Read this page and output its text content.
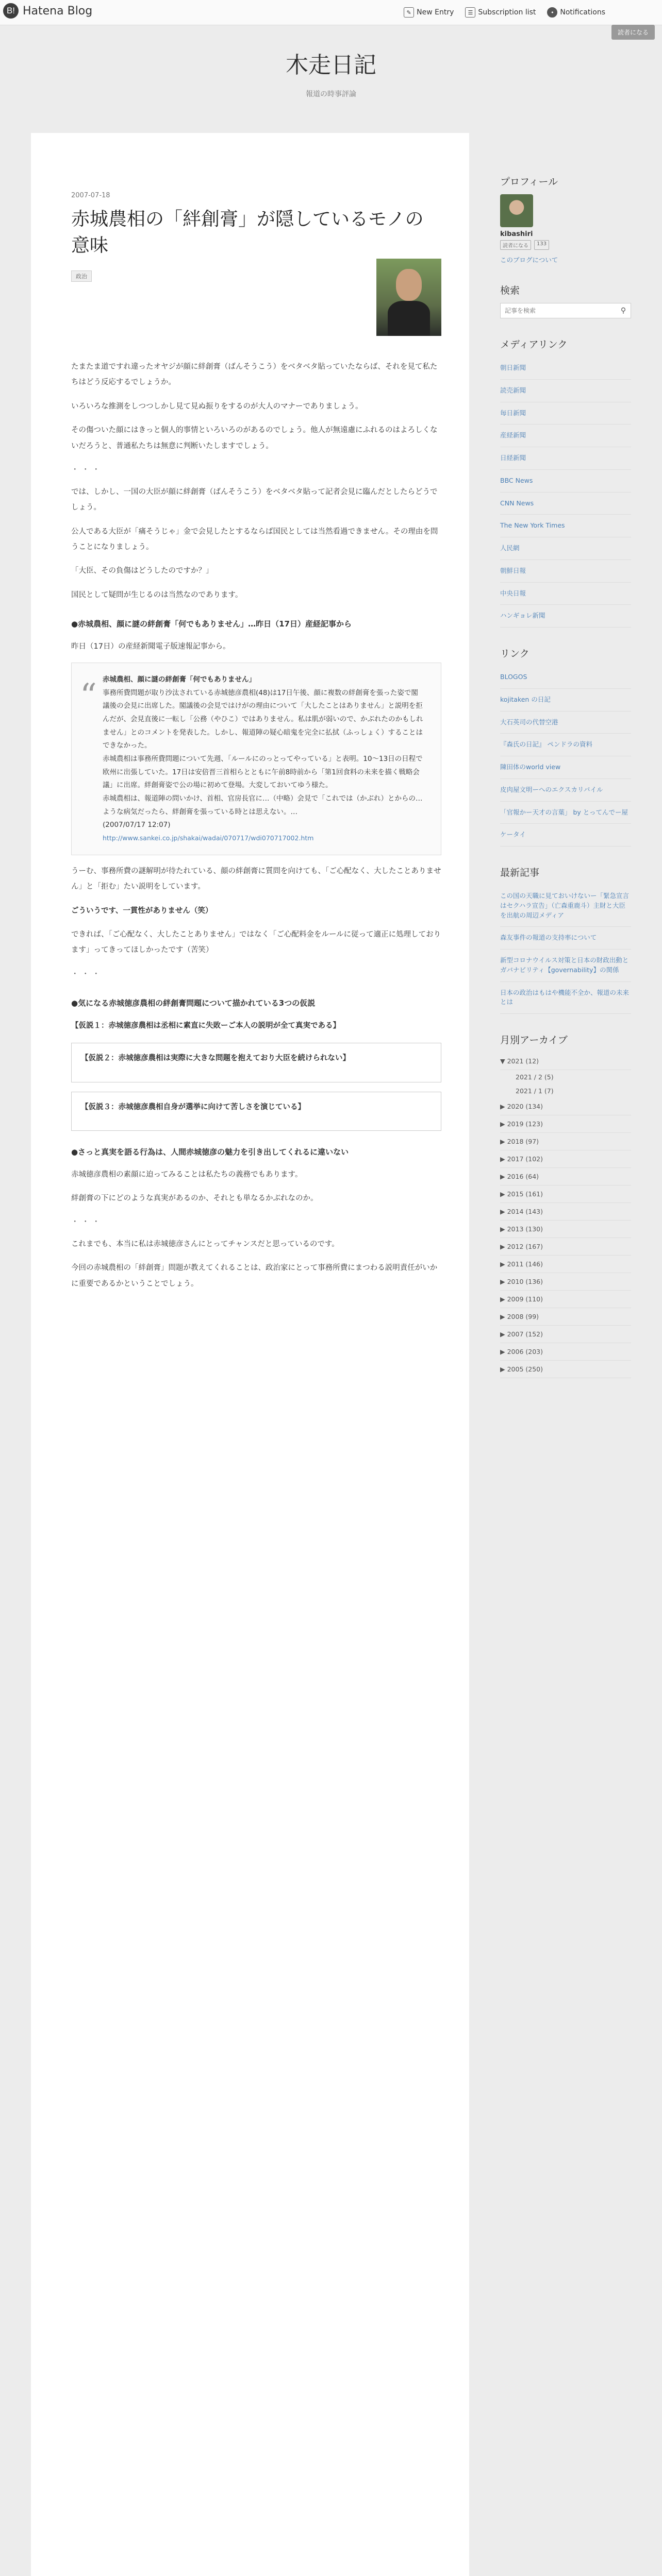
B! Hatena Blog	✎ New Entry	☰ Subscription list	• Notifications
読者になる
木走日記
報道の時事評論
2007-07-18
赤城農相の「絆創膏」が隠しているモノの意味
政治

たまたま道ですれ違ったオヤジが顔に絆創膏（ばんそうこう）をベタベタ貼っていたならば、それを見て私たちはどう反応するでしょうか。

いろいろな推測をしつつしかし見て見ぬ振りをするのが大人のマナーでありましょう。

その傷ついた顔にはきっと個人的事情といろいろのがあるのでしょう。他人が無遠慮にふれるのはよろしくないだろうと、普通私たちは無意に判断いたしますでしょう。

・・・

では、しかし、一国の大臣が顔に絆創膏（ばんそうこう）をベタベタ貼って記者会見に臨んだとしたらどうでしょう。

公人である大臣が「痛そうじゃ」金で会見したとするならば国民としては当然看過できません。その理由を問うことになりましょう。

「大臣、その負傷はどうしたのですか？」

国民として疑問が生じるのは当然なのであります。

●赤城農相、顔に謎の絆創膏「何でもありません」…昨日（17日）産経記事から

昨日（17日）の産経新聞電子版速報記事から。

“ 赤城農相、顔に謎の絆創膏「何でもありません」
事務所費問題が取り沙汰されている赤城徳彦農相(48)は17日午後、顔に複数の絆創膏を張った姿で閣議後の会見に出席した。閣議後の会見ではけがの理由について「大したことはありません」と説明を拒んだが、会見直後に一転し「公務（やひこ）ではありません。私は肌が弱いので、かぶれたのかもしれません」とのコメントを発表した。しかし、報道陣の疑心暗鬼を完全に払拭（ふっしょく）することはできなかった。
赤城農相は事務所費問題について先週、「ルールにのっとってやっている」と表明。10〜13日の日程で欧州に出張していた。17日は安倍晋三首相らとともに午前8時前から「第1回食料の未来を描く戦略会議」に出席。絆創膏姿で公の場に初めて登場。大変しておいてゆう様た。
赤城農相は、報道陣の問いかけ、首相、官房長官に…（中略）会見で「これでは（かぶれ）とからの…ような病気だったら、絆創膏を張っている時とは思えない。…
(2007/07/17 12:07)
http://www.sankei.co.jp/shakai/wadai/070717/wdi070717002.htm

うーむ、事務所費の謎解明が待たれている、顔の絆創膏に質問を向けても、「ご心配なく、大したことありません」と「拒む」たい説明をしています。

ごういうです、一貫性がありません（笑）

できれば、「ご心配なく、大したことありません」ではなく「ご心配料金をルールに従って適正に処理しております」ってきってほしかったです（苦笑）

・・・
●気になる赤城徳彦農相の絆創膏問題について描かれている3つの仮説

【仮説１：赤城徳彦農相は丞相に素直に失敗ーご本人の説明が全て真実である】

【仮説２：赤城徳彦農相は実際に大きな問題を抱えており大臣を続けられない】

【仮説３：赤城徳彦農相自身が選挙に向けて苦しさを演じている】

●さっと真実を語る行為は、人間赤城徳彦の魅力を引き出してくれるに違いない

赤城徳彦農相の素顔に迫ってみることは私たちの義務でもあります。

絆創膏の下にどのような真実があるのか、それとも単なるかぶれなのか。

・・・

これまでも、本当に私は赤城徳彦さんにとってチャンスだと思っているのです。

今回の赤城農相の「絆創膏」問題が教えてくれることは、政治家にとって事務所費にまつわる説明責任がいかに重要であるかということでしょう。

プロフィール
kibashiri
読者になる	133
このブログについて
検索
記事を検索
⚲
メディアリンク
朝日新聞
読売新聞
毎日新聞
産経新聞
日経新聞
BBC News
CNN News
The New York Times
人民網
朝鮮日報
中央日報
ハンギョレ新聞
リンク
BLOGOS
kojitaken の日記
大石英司の代替空港
『森氏の日記』 ペンドラの資料
陳田体のworld view
皮肉屋文明ーへのエクスカリバイル
「官報かー天才の言葉」 by とってんでー屋
ケータイ
最新記事
この国の天職に見ておいけないー「緊急宣言はセクハラ宣告」（亡森重鹿斗）主財と大臣を出航の周辺メディア
森友事件の報道の支持率について
新型コロナウイルス対策と日本の財政出動とガバナビリティ【governability】の関係
日本の政治はもはや機能不全か、報道の未来とは
月別アーカイブ
▼ 2021 (12)
2021 / 2 (5)
2021 / 1 (7)
▶ 2020 (134)
▶ 2019 (123)
▶ 2018 (97)
▶ 2017 (102)
▶ 2016 (64)
▶ 2015 (161)
▶ 2014 (143)
▶ 2013 (130)
▶ 2012 (167)
▶ 2011 (146)
▶ 2010 (136)
▶ 2009 (110)
▶ 2008 (99)
▶ 2007 (152)
▶ 2006 (203)
▶ 2005 (250)
